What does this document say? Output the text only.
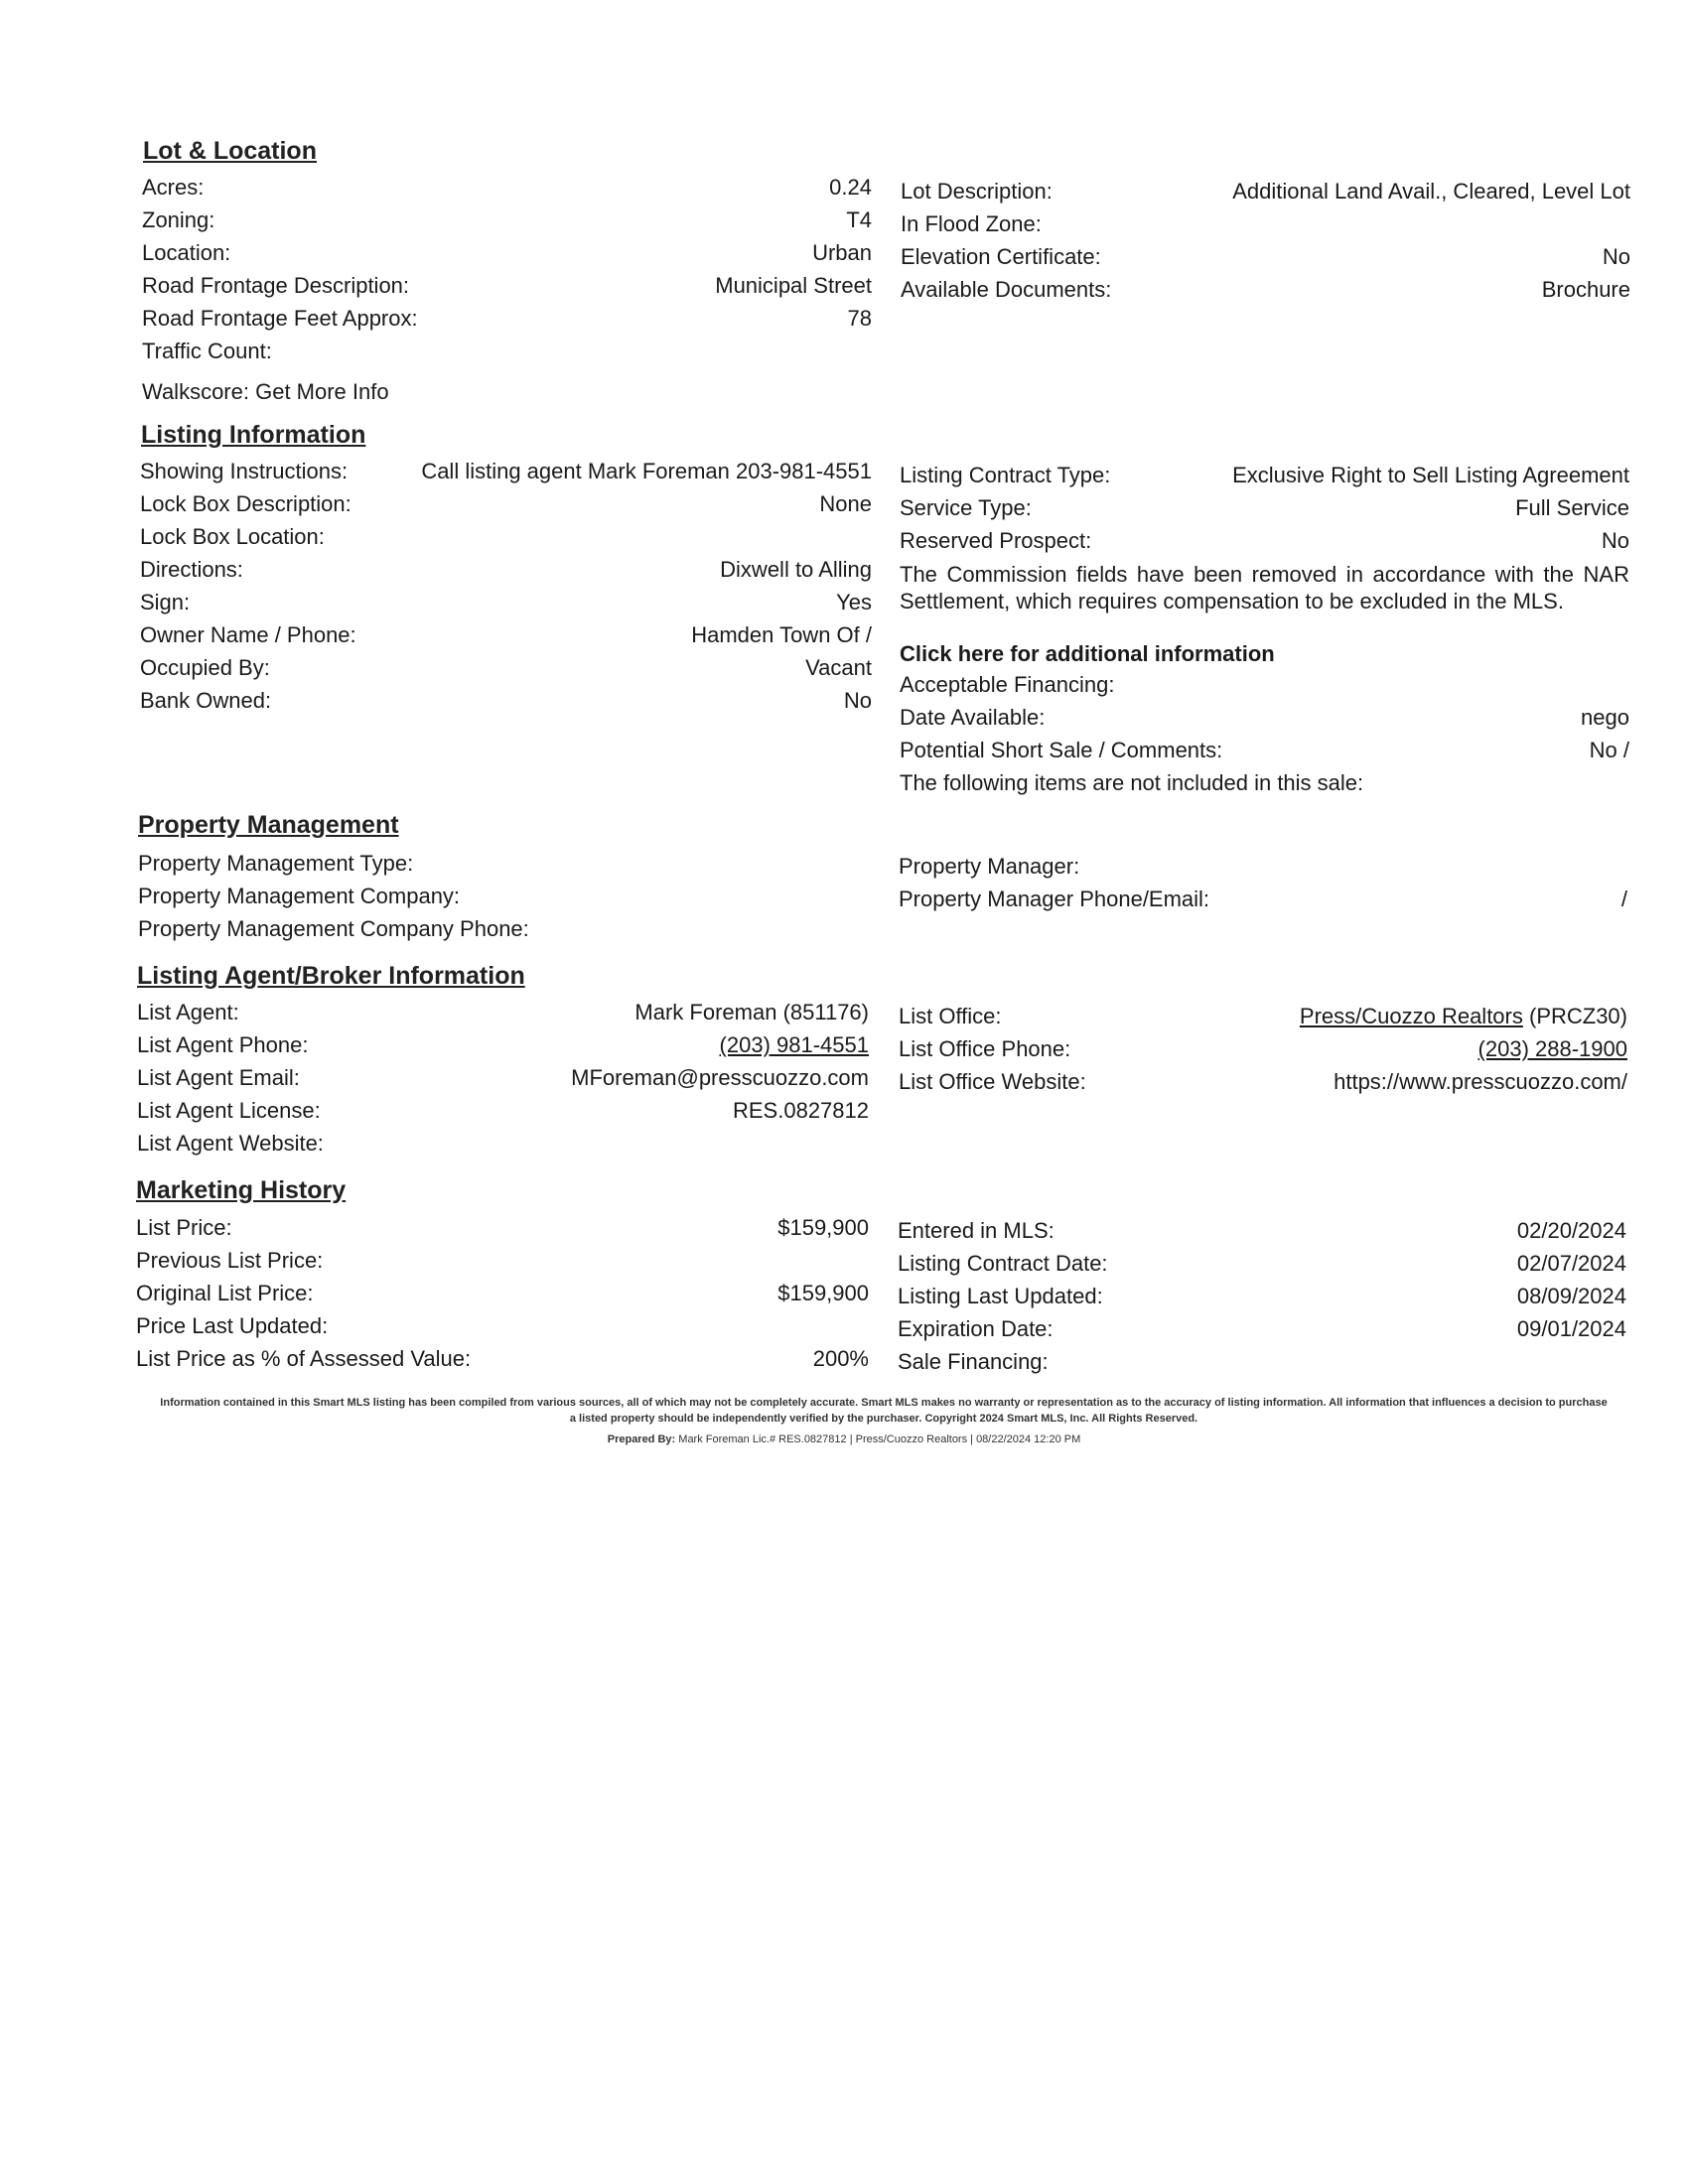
Lot & Location
Acres:	0.24
Zoning:	T4
Location:	Urban
Road Frontage Description:	Municipal Street
Road Frontage Feet Approx:	78
Traffic Count:
Walkscore: Get More Info
Lot Description:	Additional Land Avail., Cleared, Level Lot
In Flood Zone:
Elevation Certificate:	No
Available Documents:	Brochure
Listing Information
Showing Instructions:	Call listing agent Mark Foreman 203-981-4551
Lock Box Description:	None
Lock Box Location:
Directions:	Dixwell to Alling
Sign:	Yes
Owner Name / Phone:	Hamden Town Of /
Occupied By:	Vacant
Bank Owned:	No
Listing Contract Type:	Exclusive Right to Sell Listing Agreement
Service Type:	Full Service
Reserved Prospect:	No
The Commission fields have been removed in accordance with the NAR Settlement, which requires compensation to be excluded in the MLS.
Click here for additional information
Acceptable Financing:
Date Available:	nego
Potential Short Sale / Comments:	No /
The following items are not included in this sale:
Property Management
Property Management Type:
Property Management Company:
Property Management Company Phone:
Property Manager:
Property Manager Phone/Email:	/
Listing Agent/Broker Information
List Agent:	Mark Foreman (851176)
List Agent Phone:	(203) 981-4551
List Agent Email:	MForeman@presscuozzo.com
List Agent License:	RES.0827812
List Agent Website:
List Office:	Press/Cuozzo Realtors (PRCZ30)
List Office Phone:	(203) 288-1900
List Office Website:	https://www.presscuozzo.com/
Marketing History
List Price:	$159,900
Previous List Price:
Original List Price:	$159,900
Price Last Updated:
List Price as % of Assessed Value:	200%
Entered in MLS:	02/20/2024
Listing Contract Date:	02/07/2024
Listing Last Updated:	08/09/2024
Expiration Date:	09/01/2024
Sale Financing:
Information contained in this Smart MLS listing has been compiled from various sources, all of which may not be completely accurate. Smart MLS makes no warranty or representation as to the accuracy of listing information. All information that influences a decision to purchase a listed property should be independently verified by the purchaser. Copyright 2024 Smart MLS, Inc. All Rights Reserved.
Prepared By: Mark Foreman Lic.# RES.0827812 | Press/Cuozzo Realtors | 08/22/2024 12:20 PM
